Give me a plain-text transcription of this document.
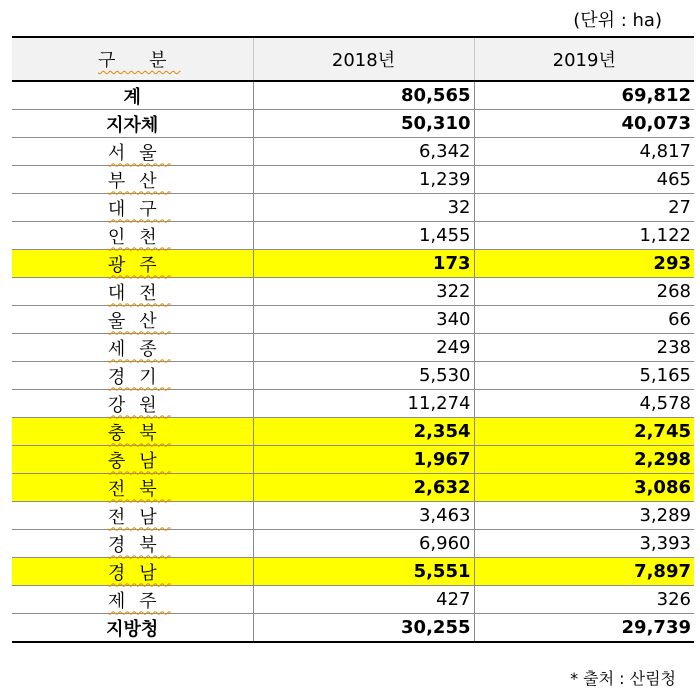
(단위 : ha)
구 분	2018년	2019년
계	80,565	69,812
지자체	50,310	40,073
서울	6,342	4,817
부산	1,239	465
대구	32	27
인천	1,455	1,122
광주	173	293
대전	322	268
울산	340	66
세종	249	238
경기	5,530	5,165
강원	11,274	4,578
충북	2,354	2,745
충남	1,967	2,298
전북	2,632	3,086
전남	3,463	3,289
경북	6,960	3,393
경남	5,551	7,897
제주	427	326
지방청	30,255	29,739
* 출처 : 산림청
